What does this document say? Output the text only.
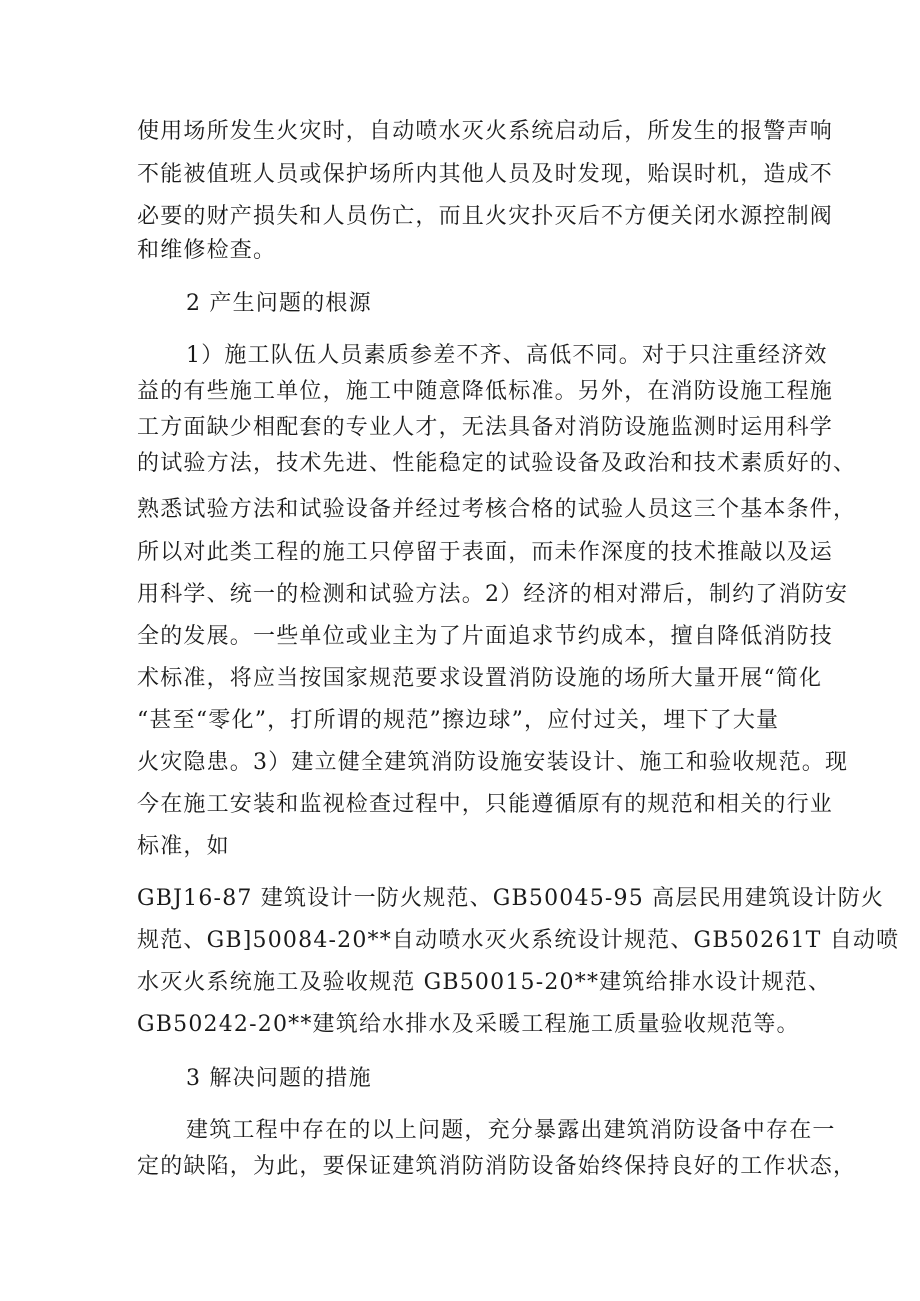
使用场所发生火灾时，自动喷水灭火系统启动后，所发生的报警声响

不能被值班人员或保护场所内其他人员及时发现，贻误时机，造成不

必要的财产损失和人员伤亡，而且火灾扑灭后不方便关闭水源控制阀

和维修检查。

2 产生问题的根源

1）施工队伍人员素质参差不齐、高低不同。对于只注重经济效

益的有些施工单位，施工中随意降低标准。另外，在消防设施工程施

工方面缺少相配套的专业人才，无法具备对消防设施监测时运用科学

的试验方法，技术先进、性能稳定的试验设备及政治和技术素质好的、

熟悉试验方法和试验设备并经过考核合格的试验人员这三个基本条件，

所以对此类工程的施工只停留于表面，而未作深度的技术推敲以及运

用科学、统一的检测和试验方法。2）经济的相对滞后，制约了消防安

全的发展。一些单位或业主为了片面追求节约成本，擅自降低消防技

术标准，将应当按国家规范要求设置消防设施的场所大量开展“简化

“甚至“零化”，打所谓的规范”擦边球”，应付过关，埋下了大量

火灾隐患。3）建立健全建筑消防设施安装设计、施工和验收规范。现

今在施工安装和监视检查过程中，只能遵循原有的规范和相关的行业

标准，如

GBJ16-87 建筑设计一防火规范、GB50045-95 高层民用建筑设计防火

规范、GB]50084-20**自动喷水灭火系统设计规范、GB50261T 自动喷

水灭火系统施工及验收规范 GB50015-20**建筑给排水设计规范、

GB50242-20**建筑给水排水及采暖工程施工质量验收规范等。

3 解决问题的措施

建筑工程中存在的以上问题，充分暴露出建筑消防设备中存在一

定的缺陷，为此，要保证建筑消防消防设备始终保持良好的工作状态，
